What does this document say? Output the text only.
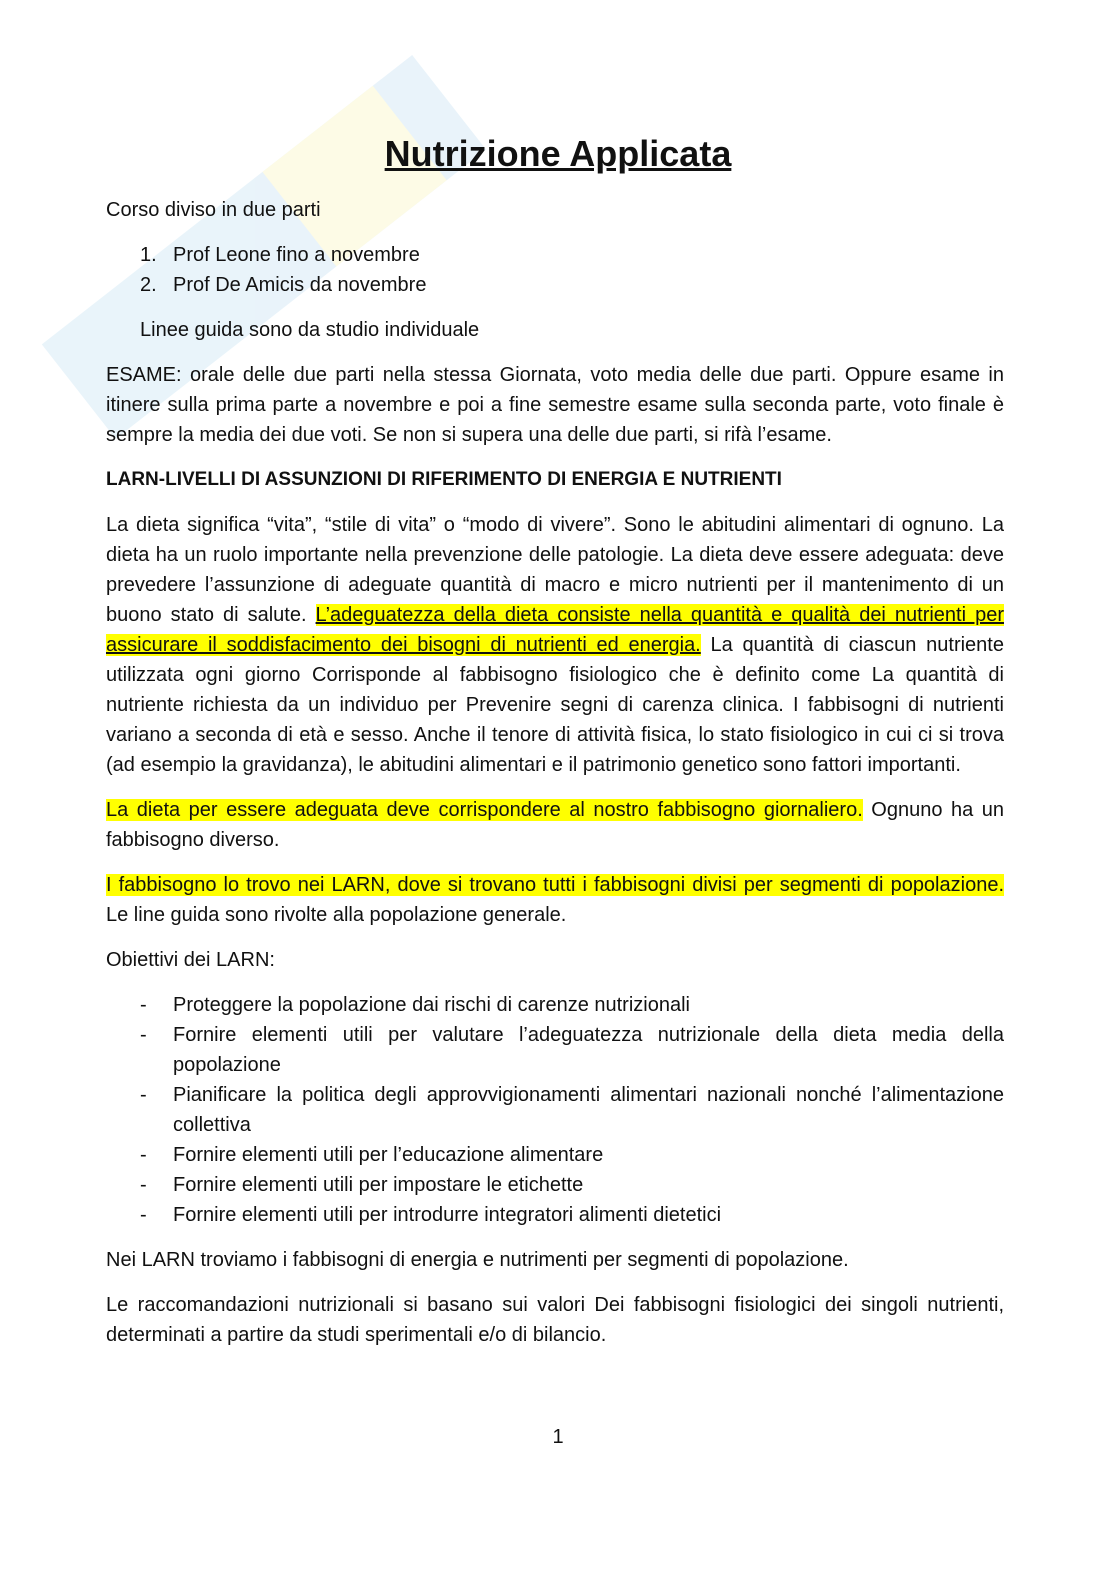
Nutrizione Applicata
Corso diviso in due parti
1. Prof Leone fino a novembre
2. Prof De Amicis da novembre
Linee guida sono da studio individuale

ESAME: orale delle due parti nella stessa Giornata, voto media delle due parti. Oppure esame in itinere sulla prima parte a novembre e poi a fine semestre esame sulla seconda parte, voto finale è sempre la media dei due voti. Se non si supera una delle due parti, si rifà l’esame.

LARN-LIVELLI DI ASSUNZIONI DI RIFERIMENTO DI ENERGIA E NUTRIENTI

La dieta significa “vita”, “stile di vita” o “modo di vivere”. Sono le abitudini alimentari di ognuno. La dieta ha un ruolo importante nella prevenzione delle patologie. La dieta deve essere adeguata: deve prevedere l’assunzione di adeguate quantità di macro e micro nutrienti per il mantenimento di un buono stato di salute. L’adeguatezza della dieta consiste nella quantità e qualità dei nutrienti per assicurare il soddisfacimento dei bisogni di nutrienti ed energia. La quantità di ciascun nutriente utilizzata ogni giorno Corrisponde al fabbisogno fisiologico che è definito come La quantità di nutriente richiesta da un individuo per Prevenire segni di carenza clinica. I fabbisogni di nutrienti variano a seconda di età e sesso. Anche il tenore di attività fisica, lo stato fisiologico in cui ci si trova (ad esempio la gravidanza), le abitudini alimentari e il patrimonio genetico sono fattori importanti.

La dieta per essere adeguata deve corrispondere al nostro fabbisogno giornaliero. Ognuno ha un fabbisogno diverso.

I fabbisogno lo trovo nei LARN, dove si trovano tutti i fabbisogni divisi per segmenti di popolazione. Le line guida sono rivolte alla popolazione generale.

Obiettivi dei LARN:
- Proteggere la popolazione dai rischi di carenze nutrizionali
- Fornire elementi utili per valutare l’adeguatezza nutrizionale della dieta media della popolazione
- Pianificare la politica degli approvvigionamenti alimentari nazionali nonché l’alimentazione collettiva
- Fornire elementi utili per l’educazione alimentare
- Fornire elementi utili per impostare le etichette
- Fornire elementi utili per introdurre integratori alimenti dietetici

Nei LARN troviamo i fabbisogni di energia e nutrimenti per segmenti di popolazione.

Le raccomandazioni nutrizionali si basano sui valori Dei fabbisogni fisiologici dei singoli nutrienti, determinati a partire da studi sperimentali e/o di bilancio.

1
